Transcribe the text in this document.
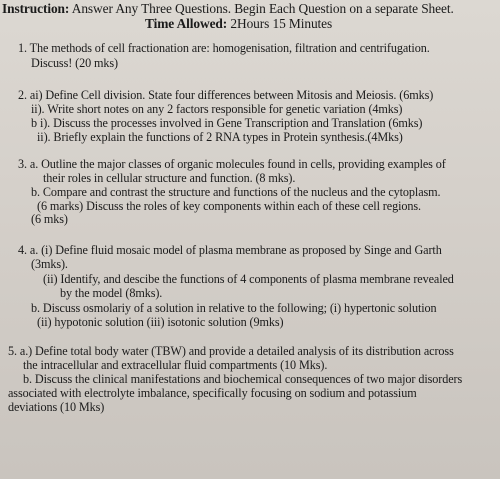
Instruction: Answer Any Three Questions. Begin Each Question on a separate Sheet.
Time Allowed: 2Hours 15 Minutes
1. The methods of cell fractionation are: homogenisation, filtration and centrifugation.
Discuss! (20 mks)
2. ai) Define Cell division. State four differences between Mitosis and Meiosis. (6mks)
ii). Write short notes on any 2 factors responsible for genetic variation (4mks)
b i). Discuss the processes involved in Gene Transcription and Translation (6mks)
ii). Briefly explain the functions of 2 RNA types in Protein synthesis.(4Mks)
3. a. Outline the major classes of organic molecules found in cells, providing examples of
their roles in cellular structure and function. (8 mks).
b. Compare and contrast the structure and functions of the nucleus and the cytoplasm.
(6 marks) Discuss the roles of key components within each of these cell regions.
(6 mks)
4. a. (i) Define fluid mosaic model of plasma membrane as proposed by Singe and Garth
(3mks).
(ii) Identify, and descibe the functions of 4 components of plasma membrane revealed
by the model (8mks).
b. Discuss osmolariy of a solution in relative to the following; (i) hypertonic solution
(ii) hypotonic solution (iii) isotonic solution (9mks)
5. a.) Define total body water (TBW) and provide a detailed analysis of its distribution across
the intracellular and extracellular fluid compartments (10 Mks).
b. Discuss the clinical manifestations and biochemical consequences of two major disorders
associated with electrolyte imbalance, specifically focusing on sodium and potassium
deviations (10 Mks)
